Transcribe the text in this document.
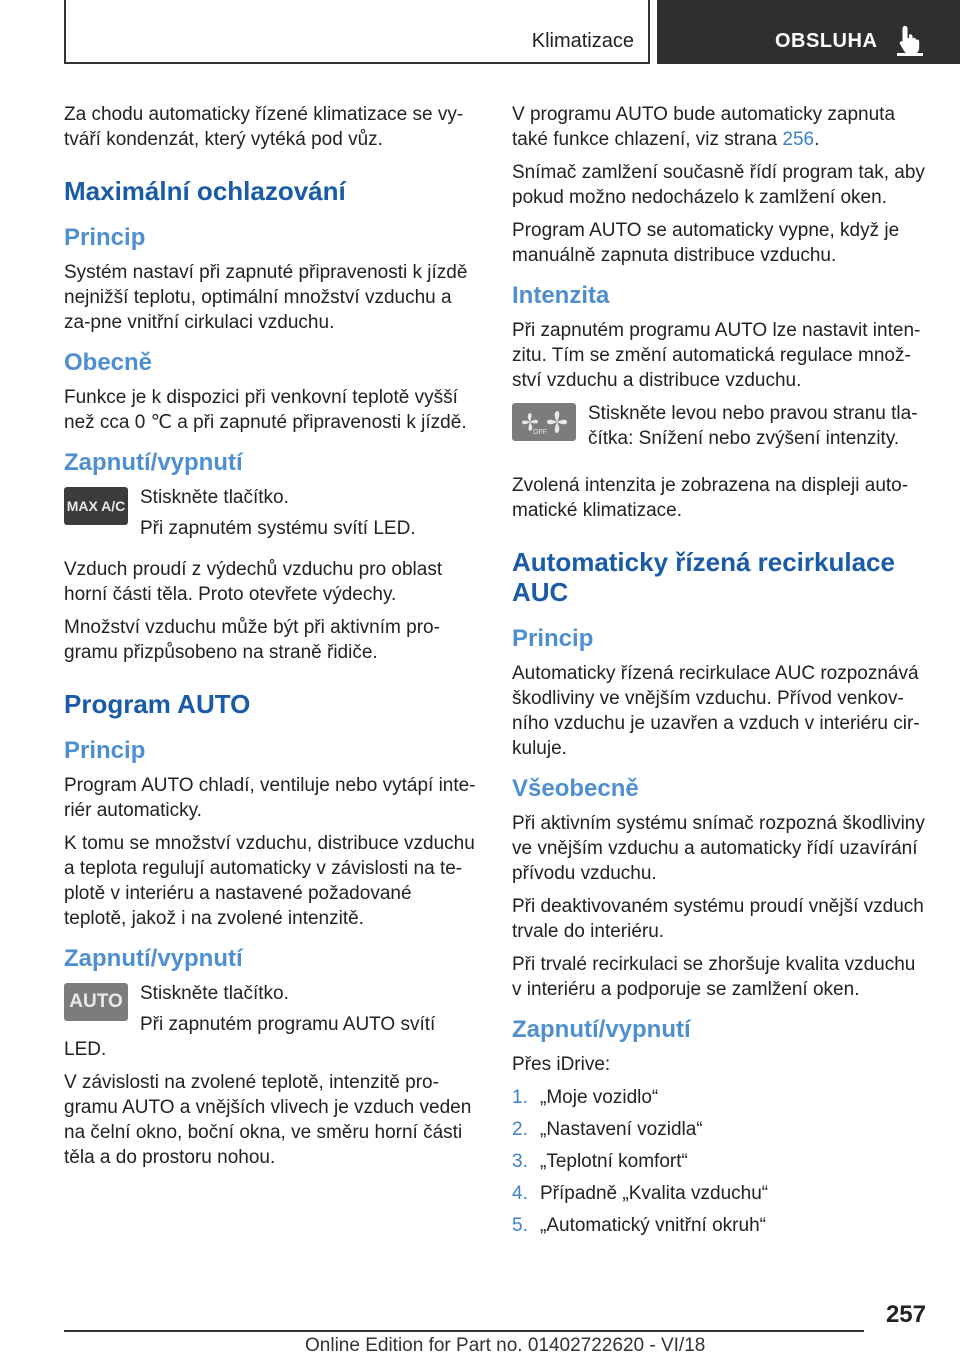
Klimatizace	OBSLUHA

Za chodu automaticky řízené klimatizace se vy-tváří kondenzát, který vytéká pod vůz.

Maximální ochlazování
Princip

Systém nastaví při zapnuté připravenosti k jízdě nejnižší teplotu, optimální množství vzduchu a za-pne vnitřní cirkulaci vzduchu.

Obecně

Funkce je k dispozici při venkovní teplotě vyšší než cca 0 ℃ a při zapnuté připravenosti k jízdě.

Zapnutí/vypnutí
MAX A/C Stiskněte tlačítko.

Při zapnutém systému svítí LED.

Vzduch proudí z výdechů vzduchu pro oblast horní části těla. Proto otevřete výdechy.

Množství vzduchu může být při aktivním pro-gramu přizpůsobeno na straně řidiče.

Program AUTO
Princip

Program AUTO chladí, ventiluje nebo vytápí inte-riér automaticky.

K tomu se množství vzduchu, distribuce vzduchu a teplota regulují automaticky v závislosti na te-plotě v interiéru a nastavené požadované teplotě, jakož i na zvolené intenzitě.

Zapnutí/vypnutí
AUTO Stiskněte tlačítko.

Při zapnutém programu AUTO svítí LED.

V závislosti na zvolené teplotě, intenzitě pro-gramu AUTO a vnějších vlivech je vzduch veden na čelní okno, boční okna, ve směru horní části těla a do prostoru nohou.

V programu AUTO bude automaticky zapnuta také funkce chlazení, viz strana 256.

Snímač zamlžení současně řídí program tak, aby pokud možno nedocházelo k zamlžení oken.

Program AUTO se automaticky vypne, když je manuálně zapnuta distribuce vzduchu.

Intenzita

Při zapnutém programu AUTO lze nastavit inten-zitu. Tím se změní automatická regulace množ-ství vzduchu a distribuce vzduchu.

OFF

Stiskněte levou nebo pravou stranu tla-čítka: Snížení nebo zvýšení intenzity.

Zvolená intenzita je zobrazena na displeji auto-matické klimatizace.

Automaticky řízená recirkulace AUC
Princip

Automaticky řízená recirkulace AUC rozpoznává škodliviny ve vnějším vzduchu. Přívod venkov-ního vzduchu je uzavřen a vzduch v interiéru cir-kuluje.

Všeobecně

Při aktivním systému snímač rozpozná škodliviny ve vnějším vzduchu a automaticky řídí uzavírání přívodu vzduchu.

Při deaktivovaném systému proudí vnější vzduch trvale do interiéru.

Při trvalé recirkulaci se zhoršuje kvalita vzduchu v interiéru a podporuje se zamlžení oken.

Zapnutí/vypnutí

Přes iDrive:

1. „Moje vozidlo“
2. „Nastavení vozidla“
3. „Teplotní komfort“
4. Případně „Kvalita vzduchu“
5. „Automatický vnitřní okruh“
257
Online Edition for Part no. 01402722620 - VI/18
